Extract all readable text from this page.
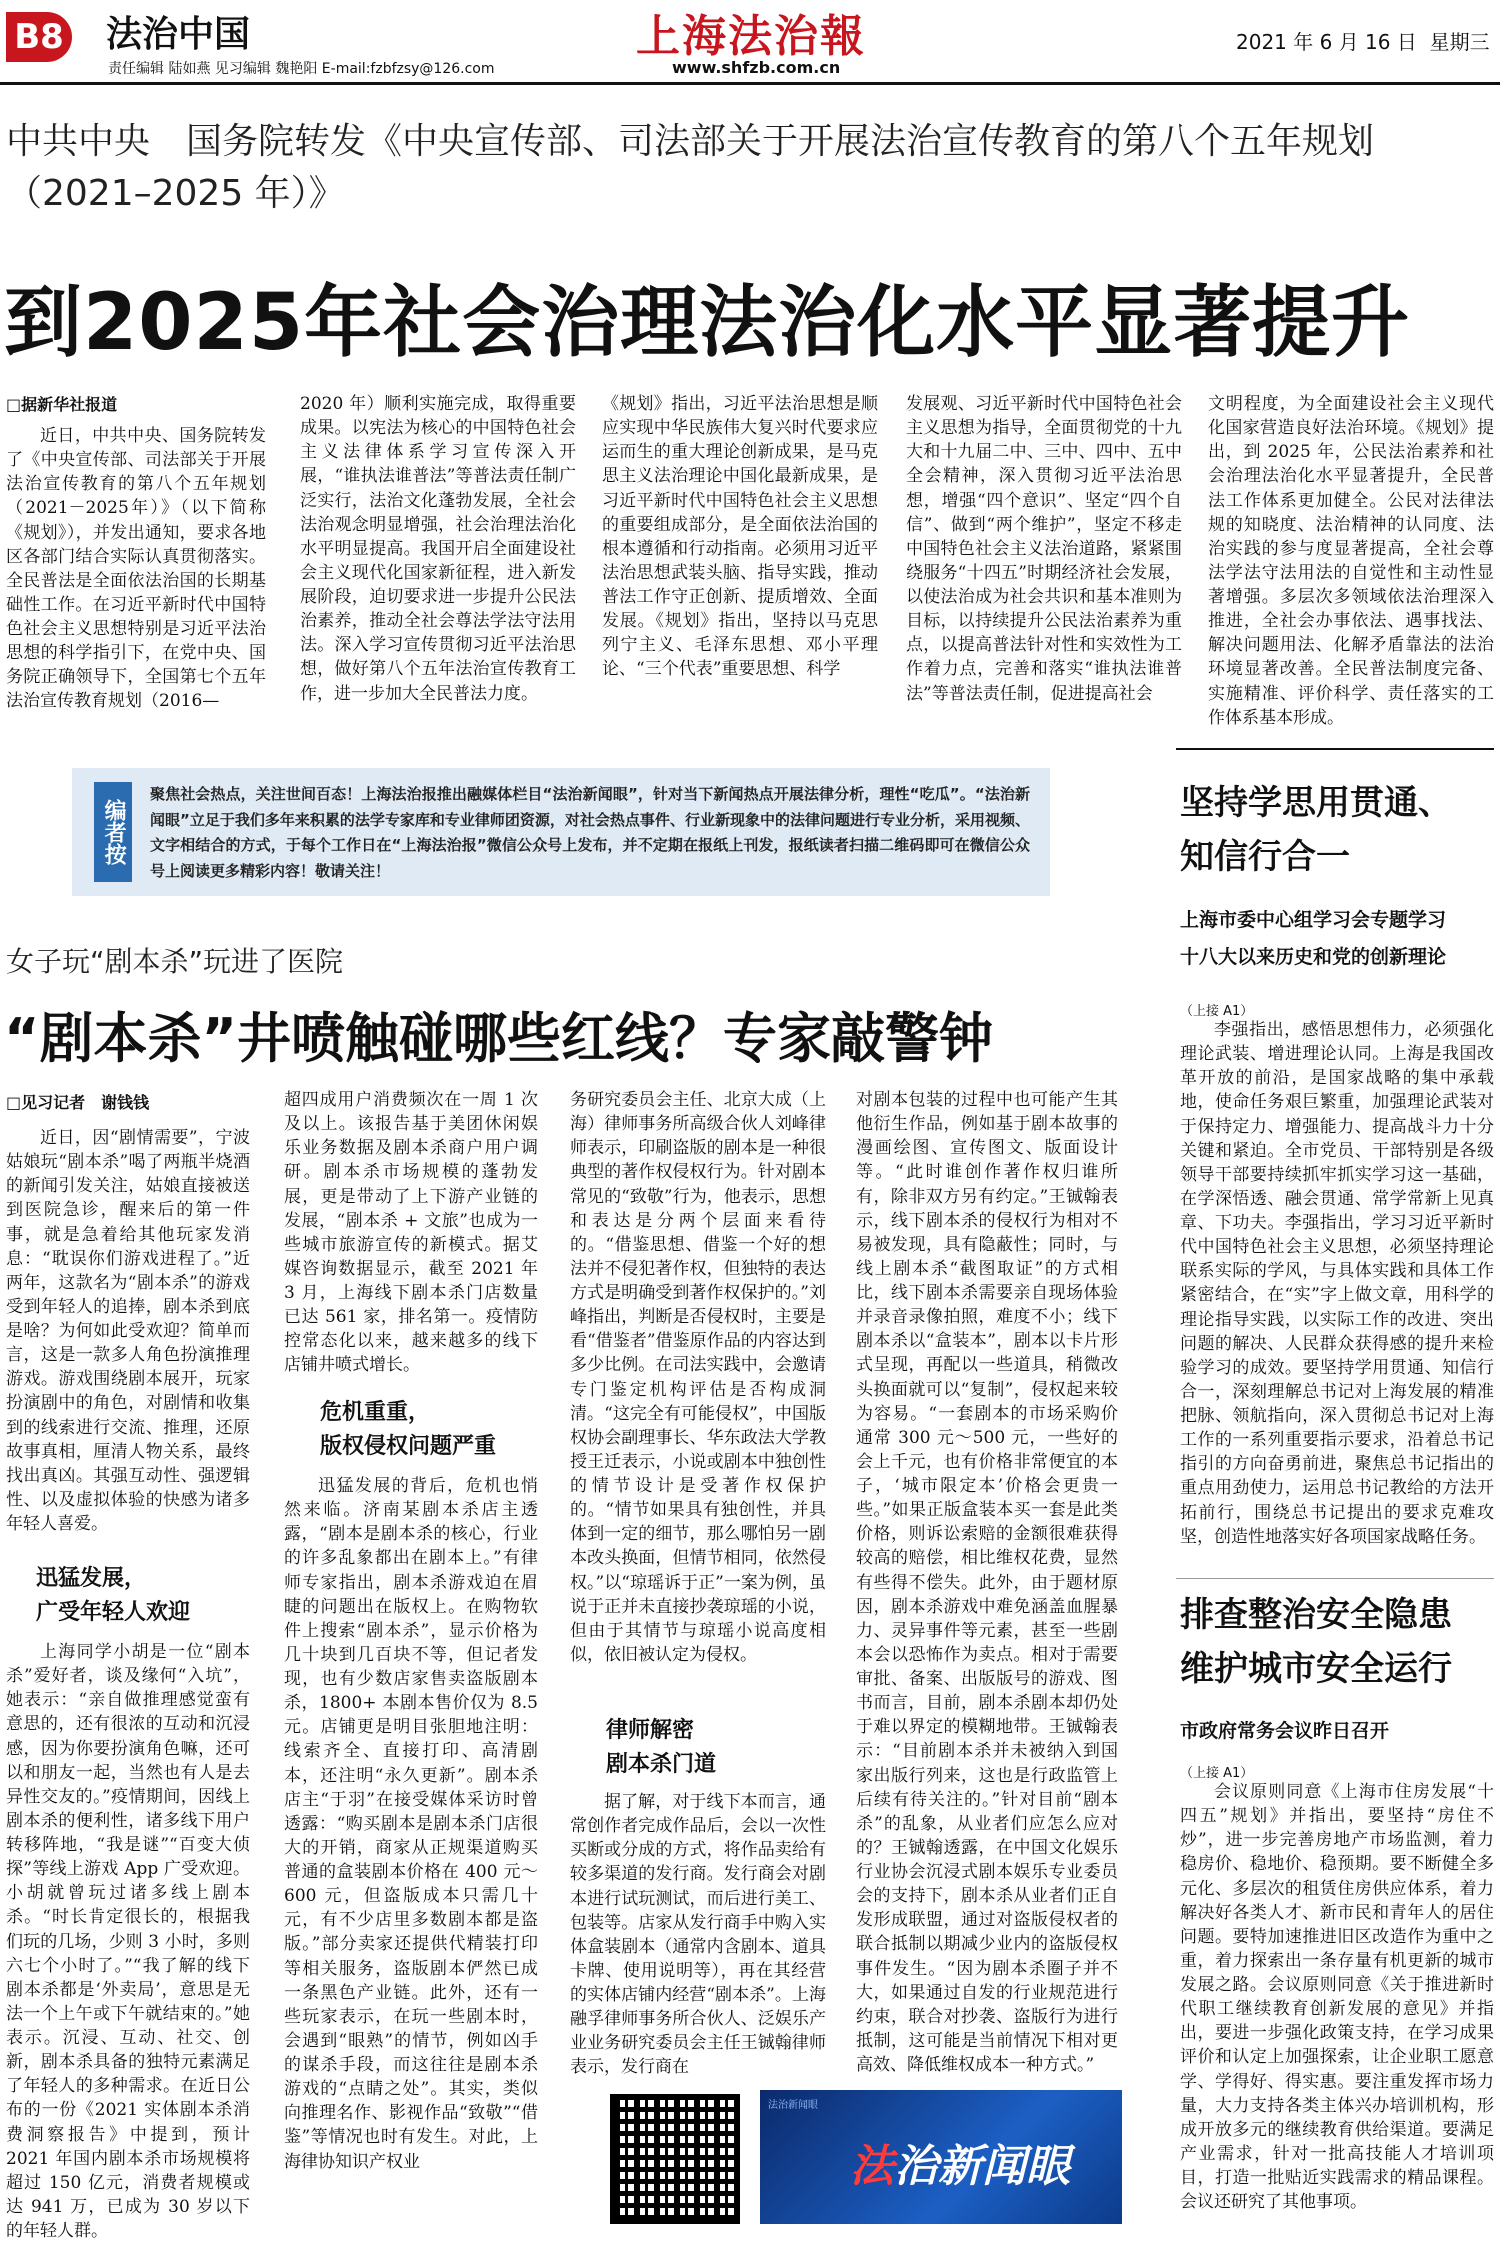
B8 法治中国
责任编辑 陆如燕 见习编辑 魏艳阳 E-mail:fzbfzsy@126.com
上海法治報
www.shfzb.com.cn
2021 年 6 月 16 日  星期三
中共中央　国务院转发《中央宣传部、司法部关于开展法治宣传教育的第八个五年规划（2021–2025 年）》
到2025年社会治理法治化水平显著提升
□据新华社报道

近日，中共中央、国务院转发了《中央宣传部、司法部关于开展法治宣传教育的第八个五年规划（2021－2025年）》（以下简称《规划》），并发出通知，要求各地区各部门结合实际认真贯彻落实。全民普法是全面依法治国的长期基础性工作。在习近平新时代中国特色社会主义思想特别是习近平法治思想的科学指引下，在党中央、国务院正确领导下，全国第七个五年法治宣传教育规划（2016—

2020 年）顺利实施完成，取得重要成果。以宪法为核心的中国特色社会主义法律体系学习宣传深入开展，“谁执法谁普法”等普法责任制广泛实行，法治文化蓬勃发展，全社会法治观念明显增强，社会治理法治化水平明显提高。我国开启全面建设社会主义现代化国家新征程，进入新发展阶段，迫切要求进一步提升公民法治素养，推动全社会尊法学法守法用法。深入学习宣传贯彻习近平法治思想，做好第八个五年法治宣传教育工作，进一步加大全民普法力度。

《规划》指出，习近平法治思想是顺应实现中华民族伟大复兴时代要求应运而生的重大理论创新成果，是马克思主义法治理论中国化最新成果，是习近平新时代中国特色社会主义思想的重要组成部分，是全面依法治国的根本遵循和行动指南。必须用习近平法治思想武装头脑、指导实践，推动普法工作守正创新、提质增效、全面发展。《规划》指出，坚持以马克思列宁主义、毛泽东思想、邓小平理论、“三个代表”重要思想、科学

发展观、习近平新时代中国特色社会主义思想为指导，全面贯彻党的十九大和十九届二中、三中、四中、五中全会精神，深入贯彻习近平法治思想，增强“四个意识”、坚定“四个自信”、做到“两个维护”，坚定不移走中国特色社会主义法治道路，紧紧围绕服务“十四五”时期经济社会发展，以使法治成为社会共识和基本准则为目标，以持续提升公民法治素养为重点，以提高普法针对性和实效性为工作着力点，完善和落实“谁执法谁普法”等普法责任制，促进提高社会

文明程度，为全面建设社会主义现代化国家营造良好法治环境。《规划》提出，到 2025 年，公民法治素养和社会治理法治化水平显著提升，全民普法工作体系更加健全。公民对法律法规的知晓度、法治精神的认同度、法治实践的参与度显著提高，全社会尊法学法守法用法的自觉性和主动性显著增强。多层次多领域依法治理深入推进，全社会办事依法、遇事找法、解决问题用法、化解矛盾靠法的法治环境显著改善。全民普法制度完备、实施精准、评价科学、责任落实的工作体系基本形成。

编者按
聚焦社会热点，关注世间百态！上海法治报推出融媒体栏目“法治新闻眼”，针对当下新闻热点开展法律分析，理性“吃瓜”。“法治新闻眼”立足于我们多年来积累的法学专家库和专业律师团资源，对社会热点事件、行业新现象中的法律问题进行专业分析，采用视频、文字相结合的方式，于每个工作日在“上海法治报”微信公众号上发布，并不定期在报纸上刊发，报纸读者扫描二维码即可在微信公众号上阅读更多精彩内容！敬请关注！
女子玩“剧本杀”玩进了医院
“剧本杀”井喷触碰哪些红线？专家敲警钟
□见习记者　谢钱钱

近日，因“剧情需要”，宁波姑娘玩“剧本杀”喝了两瓶半烧酒的新闻引发关注，姑娘直接被送到医院急诊，醒来后的第一件事，就是急着给其他玩家发消息：“耽误你们游戏进程了。”近两年，这款名为“剧本杀”的游戏受到年轻人的追捧，剧本杀到底是啥？为何如此受欢迎？简单而言，这是一款多人角色扮演推理游戏。游戏围绕剧本展开，玩家扮演剧中的角色，对剧情和收集到的线索进行交流、推理，还原故事真相，厘清人物关系，最终找出真凶。其强互动性、强逻辑性、以及虚拟体验的快感为诸多年轻人喜爱。

迅猛发展，
广受年轻人欢迎

上海同学小胡是一位“剧本杀”爱好者，谈及缘何“入坑”，她表示：“亲自做推理感觉蛮有意思的，还有很浓的互动和沉浸感，因为你要扮演角色嘛，还可以和朋友一起，当然也有人是去异性交友的。”疫情期间，因线上剧本杀的便利性，诸多线下用户转移阵地，“我是谜”“百变大侦探”等线上游戏 App 广受欢迎。小胡就曾玩过诸多线上剧本杀。“时长肯定很长的，根据我们玩的几场，少则 3 小时，多则六七个小时了。”“我了解的线下剧本杀都是‘外卖局’，意思是无法一个上午或下午就结束的。”她表示。沉浸、互动、社交、创新，剧本杀具备的独特元素满足了年轻人的多种需求。在近日公布的一份《2021 实体剧本杀消费洞察报告》中提到，预计 2021 年国内剧本杀市场规模将超过 150 亿元，消费者规模或达 941 万，已成为 30 岁以下的年轻人群。

超四成用户消费频次在一周 1 次及以上。该报告基于美团休闲娱乐业务数据及剧本杀商户用户调研。剧本杀市场规模的蓬勃发展，更是带动了上下游产业链的发展，“剧本杀 + 文旅”也成为一些城市旅游宣传的新模式。据艾媒咨询数据显示，截至 2021 年 3 月，上海线下剧本杀门店数量已达 561 家，排名第一。疫情防控常态化以来，越来越多的线下店铺井喷式增长。

危机重重，
版权侵权问题严重

迅猛发展的背后，危机也悄然来临。济南某剧本杀店主透露，“剧本是剧本杀的核心，行业的许多乱象都出在剧本上。”有律师专家指出，剧本杀游戏迫在眉睫的问题出在版权上。在购物软件上搜索“剧本杀”，显示价格为几十块到几百块不等，但记者发现，也有少数店家售卖盗版剧本杀，1800+ 本剧本售价仅为 8.5 元。店铺更是明目张胆地注明：线索齐全、直接打印、高清剧本，还注明“永久更新”。剧本杀店主“于羽”在接受媒体采访时曾透露：“购买剧本是剧本杀门店很大的开销，商家从正规渠道购买普通的盒装剧本价格在 400 元～600 元，但盗版成本只需几十元，有不少店里多数剧本都是盗版。”部分卖家还提供代精装打印等相关服务，盗版剧本俨然已成一条黑色产业链。此外，还有一些玩家表示，在玩一些剧本时，会遇到“眼熟”的情节，例如凶手的谋杀手段，而这往往是剧本杀游戏的“点睛之处”。其实，类似向推理名作、影视作品“致敬”“借鉴”等情况也时有发生。对此，上海律协知识产权业

务研究委员会主任、北京大成（上海）律师事务所高级合伙人刘峰律师表示，印刷盗版的剧本是一种很典型的著作权侵权行为。针对剧本常见的“致敬”行为，他表示，思想和表达是分两个层面来看待的。“借鉴思想、借鉴一个好的想法并不侵犯著作权，但独特的表达方式是明确受到著作权保护的。”刘峰指出，判断是否侵权时，主要是看“借鉴者”借鉴原作品的内容达到多少比例。在司法实践中，会邀请专门鉴定机构评估是否构成洞清。“这完全有可能侵权”，中国版权协会副理事长、华东政法大学教授王迁表示，小说或剧本中独创性的情节设计是受著作权保护的。“情节如果具有独创性，并具体到一定的细节，那么哪怕另一剧本改头换面，但情节相同，依然侵权。”以“琼瑶诉于正”一案为例，虽说于正并未直接抄袭琼瑶的小说，但由于其情节与琼瑶小说高度相似，依旧被认定为侵权。

律师解密
剧本杀门道

据了解，对于线下本而言，通常创作者完成作品后，会以一次性买断或分成的方式，将作品卖给有较多渠道的发行商。发行商会对剧本进行试玩测试，而后进行美工、包装等。店家从发行商手中购入实体盒装剧本（通常内含剧本、道具卡牌、使用说明等），再在其经营的实体店铺内经营“剧本杀”。上海融孚律师事务所合伙人、泛娱乐产业业务研究委员会主任王铖翰律师表示，发行商在

对剧本包装的过程中也可能产生其他衍生作品，例如基于剧本故事的漫画绘图、宣传图文、版面设计等。“此时谁创作著作权归谁所有，除非双方另有约定。”王铖翰表示，线下剧本杀的侵权行为相对不易被发现，具有隐蔽性；同时，与线上剧本杀“截图取证”的方式相比，线下剧本杀需要亲自现场体验并录音录像拍照，难度不小；线下剧本杀以“盒装本”，剧本以卡片形式呈现，再配以一些道具，稍微改头换面就可以“复制”，侵权起来较为容易。“一套剧本的市场采购价通常 300 元～500 元，一些好的会上千元，也有价格非常便宜的本子，‘城市限定本’价格会更贵一些。”如果正版盒装本买一套是此类价格，则诉讼索赔的金额很难获得较高的赔偿，相比维权花费，显然有些得不偿失。此外，由于题材原因，剧本杀游戏中难免涵盖血腥暴力、灵异事件等元素，甚至一些剧本会以恐怖作为卖点。相对于需要审批、备案、出版版号的游戏、图书而言，目前，剧本杀剧本却仍处于难以界定的模糊地带。王铖翰表示：“目前剧本杀并未被纳入到国家出版行列来，这也是行政监管上后续有待关注的。”针对目前“剧本杀”的乱象，从业者们应怎么应对的？王铖翰透露，在中国文化娱乐行业协会沉浸式剧本娱乐专业委员会的支持下，剧本杀从业者们正自发形成联盟，通过对盗版侵权者的联合抵制以期减少业内的盗版侵权事件发生。“因为剧本杀圈子并不大，如果通过自发的行业规范进行约束，联合对抄袭、盗版行为进行抵制，这可能是当前情况下相对更高效、降低维权成本一种方式。”

法治新闻眼
法治新闻眼
坚持学思用贯通、
知信行合一
上海市委中心组学习会专题学习
十八大以来历史和党的创新理论
（上接 A1）

李强指出，感悟思想伟力，必须强化理论武装、增进理论认同。上海是我国改革开放的前沿，是国家战略的集中承载地，使命任务艰巨繁重，加强理论武装对于保持定力、增强能力、提高战斗力十分关键和紧迫。全市党员、干部特别是各级领导干部要持续抓牢抓实学习这一基础，在学深悟透、融会贯通、常学常新上见真章、下功夫。李强指出，学习习近平新时代中国特色社会主义思想，必须坚持理论联系实际的学风，与具体实践和具体工作紧密结合，在“实”字上做文章，用科学的理论指导实践，以实际工作的改进、突出问题的解决、人民群众获得感的提升来检验学习的成效。要坚持学用贯通、知信行合一，深刻理解总书记对上海发展的精准把脉、领航指向，深入贯彻总书记对上海工作的一系列重要指示要求，沿着总书记指引的方向奋勇前进，聚焦总书记指出的重点用劲使力，运用总书记教给的方法开拓前行，围绕总书记提出的要求克难攻坚，创造性地落实好各项国家战略任务。

排查整治安全隐患
维护城市安全运行
市政府常务会议昨日召开
（上接 A1）

会议原则同意《上海市住房发展“十四五”规划》并指出，要坚持“房住不炒”，进一步完善房地产市场监测，着力稳房价、稳地价、稳预期。要不断健全多元化、多层次的租赁住房供应体系，着力解决好各类人才、新市民和青年人的居住问题。要特加速推进旧区改造作为重中之重，着力探索出一条存量有机更新的城市发展之路。会议原则同意《关于推进新时代职工继续教育创新发展的意见》并指出，要进一步强化政策支持，在学习成果评价和认定上加强探索，让企业职工愿意学、学得好、得实惠。要注重发挥市场力量，大力支持各类主体兴办培训机构，形成开放多元的继续教育供给渠道。要满足产业需求，针对一批高技能人才培训项目，打造一批贴近实践需求的精品课程。会议还研究了其他事项。
